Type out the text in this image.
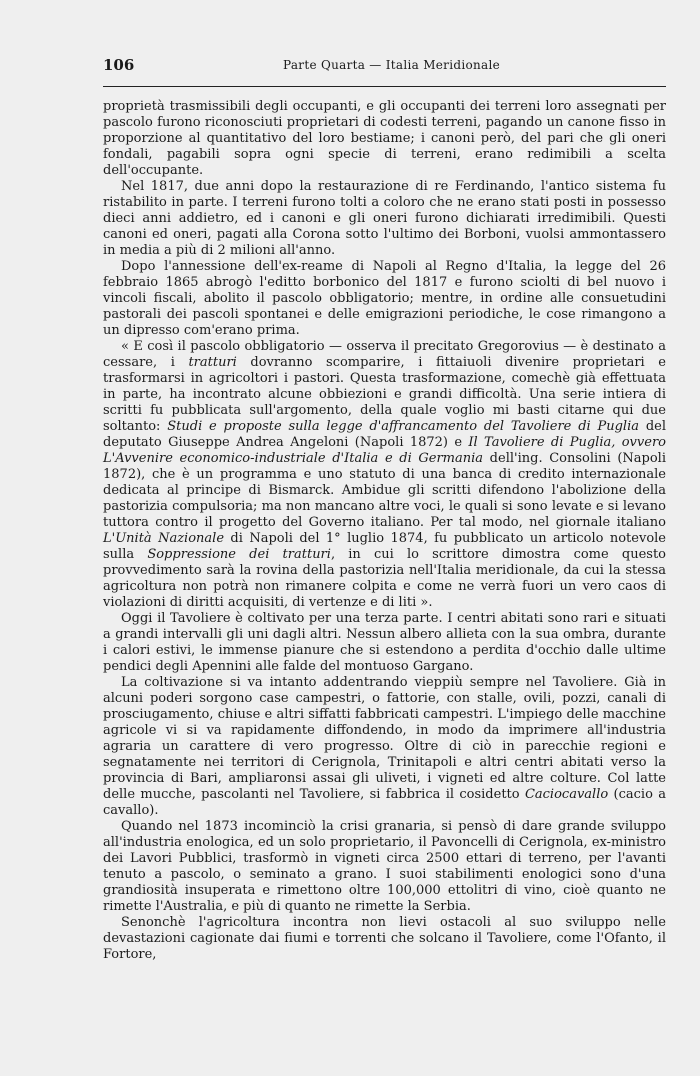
106	Parte Quarta — Italia Meridionale

proprietà trasmissibili degli occupanti, e gli occupanti dei terreni loro assegnati per pascolo furono riconosciuti proprietari di codesti terreni, pagando un canone fisso in proporzione al quantitativo del loro bestiame; i canoni però, del pari che gli oneri fondali, pagabili sopra ogni specie di terreni, erano redimibili a scelta dell'occupante.

Nel 1817, due anni dopo la restaurazione di re Ferdinando, l'antico sistema fu ristabilito in parte. I terreni furono tolti a coloro che ne erano stati posti in possesso dieci anni addietro, ed i canoni e gli oneri furono dichiarati irredimibili. Questi canoni ed oneri, pagati alla Corona sotto l'ultimo dei Borboni, vuolsi ammontassero in media a più di 2 milioni all'anno.

Dopo l'annessione dell'ex-reame di Napoli al Regno d'Italia, la legge del 26 febbraio 1865 abrogò l'editto borbonico del 1817 e furono sciolti di bel nuovo i vincoli fiscali, abolito il pascolo obbligatorio; mentre, in ordine alle consuetudini pastorali dei pascoli spontanei e delle emigrazioni periodiche, le cose rimangono a un dipresso com'erano prima.

« E così il pascolo obbligatorio — osserva il precitato Gregorovius — è destinato a cessare, i tratturi dovranno scomparire, i fittaiuoli divenire proprietari e trasformarsi in agricoltori i pastori. Questa trasformazione, comechè già effettuata in parte, ha incontrato alcune obbiezioni e grandi difficoltà. Una serie intiera di scritti fu pubblicata sull'argomento, della quale voglio mi basti citarne qui due soltanto: Studi e proposte sulla legge d'affrancamento del Tavoliere di Puglia del deputato Giuseppe Andrea Angeloni (Napoli 1872) e Il Tavoliere di Puglia, ovvero L'Avvenire economico-industriale d'Italia e di Germania dell'ing. Consolini (Napoli 1872), che è un programma e uno statuto di una banca di credito internazionale dedicata al principe di Bismarck. Ambidue gli scritti difendono l'abolizione della pastorizia compulsoria; ma non mancano altre voci, le quali si sono levate e si levano tuttora contro il progetto del Governo italiano. Per tal modo, nel giornale italiano L'Unità Nazionale di Napoli del 1° luglio 1874, fu pubblicato un articolo notevole sulla Soppressione dei tratturi, in cui lo scrittore dimostra come questo provvedimento sarà la rovina della pastorizia nell'Italia meridionale, da cui la stessa agricoltura non potrà non rimanere colpita e come ne verrà fuori un vero caos di violazioni di diritti acquisiti, di vertenze e di liti ».

Oggi il Tavoliere è coltivato per una terza parte. I centri abitati sono rari e situati a grandi intervalli gli uni dagli altri. Nessun albero allieta con la sua ombra, durante i calori estivi, le immense pianure che si estendono a perdita d'occhio dalle ultime pendici degli Apennini alle falde del montuoso Gargano.

La coltivazione si va intanto addentrando vieppiù sempre nel Tavoliere. Già in alcuni poderi sorgono case campestri, o fattorie, con stalle, ovili, pozzi, canali di prosciugamento, chiuse e altri siffatti fabbricati campestri. L'impiego delle macchine agricole vi si va rapidamente diffondendo, in modo da imprimere all'industria agraria un carattere di vero progresso. Oltre di ciò in parecchie regioni e segnatamente nei territori di Cerignola, Trinitapoli e altri centri abitati verso la provincia di Bari, ampliaronsi assai gli uliveti, i vigneti ed altre colture. Col latte delle mucche, pascolanti nel Tavoliere, si fabbrica il cosidetto Caciocavallo (cacio a cavallo).

Quando nel 1873 incominciò la crisi granaria, si pensò di dare grande sviluppo all'industria enologica, ed un solo proprietario, il Pavoncelli di Cerignola, ex-ministro dei Lavori Pubblici, trasformò in vigneti circa 2500 ettari di terreno, per l'avanti tenuto a pascolo, o seminato a grano. I suoi stabilimenti enologici sono d'una grandiosità insuperata e rimettono oltre 100,000 ettolitri di vino, cioè quanto ne rimette l'Australia, e più di quanto ne rimette la Serbia.

Senonchè l'agricoltura incontra non lievi ostacoli al suo sviluppo nelle devastazioni cagionate dai fiumi e torrenti che solcano il Tavoliere, come l'Ofanto, il Fortore,
